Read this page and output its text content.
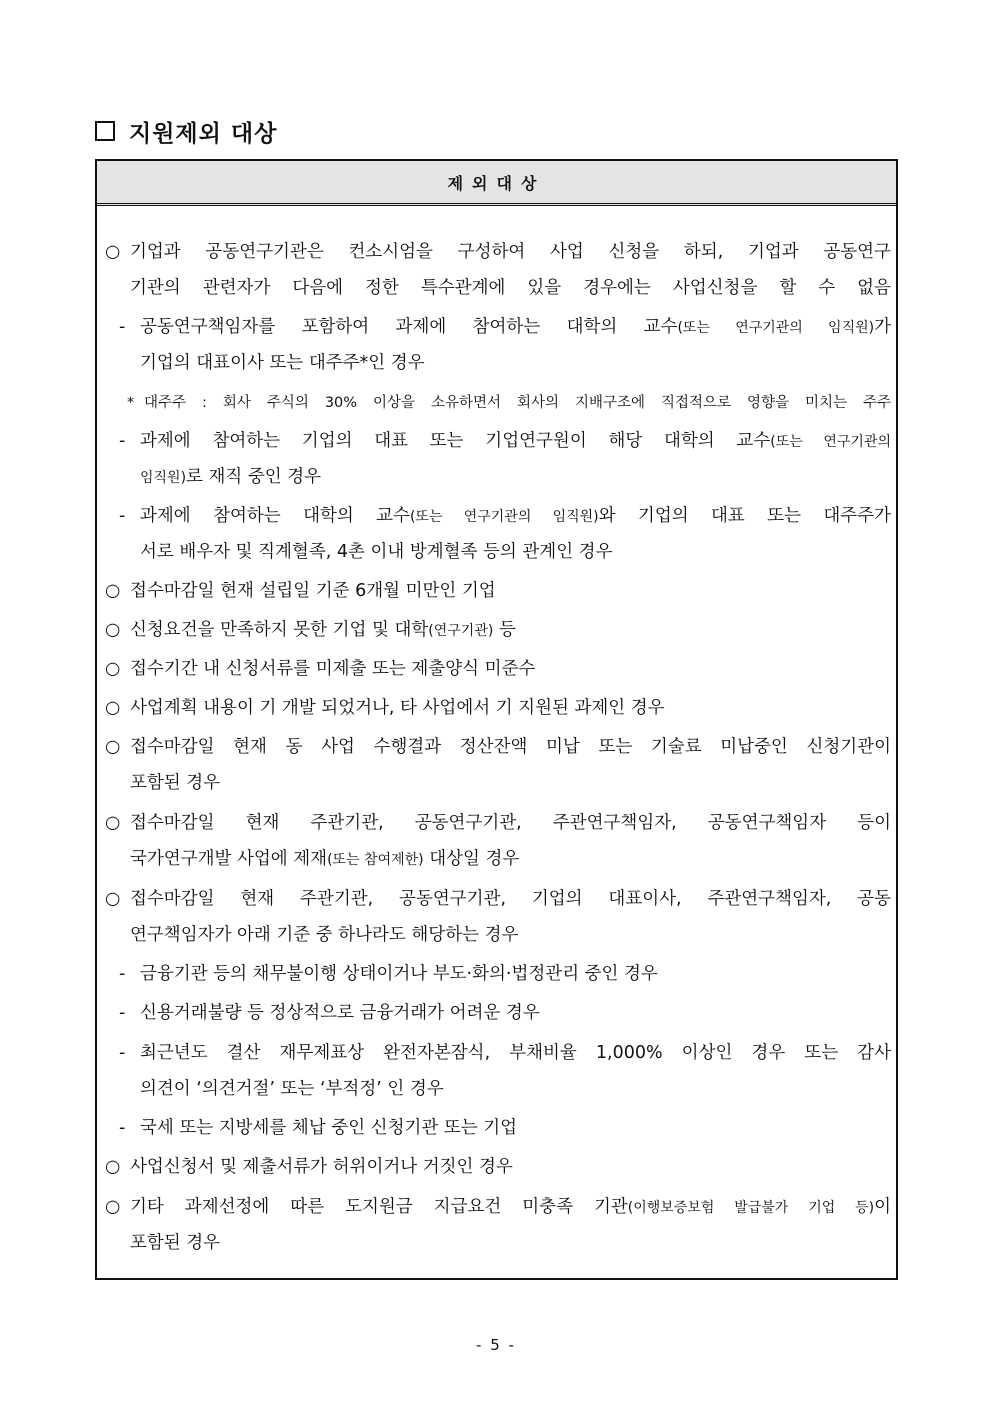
지원제외 대상
제외대상
○ 기업과 공동연구기관은 컨소시엄을 구성하여 사업 신청을 하되, 기업과 공동연구
기관의 관련자가 다음에 정한 특수관계에 있을 경우에는 사업신청을 할 수 없음
- 공동연구책임자를 포함하여 과제에 참여하는 대학의 교수(또는 연구기관의 임직원)가
기업의 대표이사 또는 대주주*인 경우
* 대주주 : 회사 주식의 30% 이상을 소유하면서 회사의 지배구조에 직접적으로 영향을 미치는 주주
- 과제에 참여하는 기업의 대표 또는 기업연구원이 해당 대학의 교수(또는 연구기관의
임직원)로 재직 중인 경우
- 과제에 참여하는 대학의 교수(또는 연구기관의 임직원)와 기업의 대표 또는 대주주가
서로 배우자 및 직계혈족, 4촌 이내 방계혈족 등의 관계인 경우
○ 접수마감일 현재 설립일 기준 6개월 미만인 기업
○ 신청요건을 만족하지 못한 기업 및 대학(연구기관) 등
○ 접수기간 내 신청서류를 미제출 또는 제출양식 미준수
○ 사업계획 내용이 기 개발 되었거나, 타 사업에서 기 지원된 과제인 경우
○ 접수마감일 현재 동 사업 수행결과 정산잔액 미납 또는 기술료 미납중인 신청기관이
포함된 경우
○ 접수마감일 현재 주관기관, 공동연구기관, 주관연구책임자, 공동연구책임자 등이
국가연구개발 사업에 제재(또는 참여제한) 대상일 경우
○ 접수마감일 현재 주관기관, 공동연구기관, 기업의 대표이사, 주관연구책임자, 공동
연구책임자가 아래 기준 중 하나라도 해당하는 경우
- 금융기관 등의 채무불이행 상태이거나 부도·화의·법정관리 중인 경우
- 신용거래불량 등 정상적으로 금융거래가 어려운 경우
- 최근년도 결산 재무제표상 완전자본잠식, 부채비율 1,000% 이상인 경우 또는 감사
의견이 ‘의견거절’ 또는 ‘부적정’ 인 경우
- 국세 또는 지방세를 체납 중인 신청기관 또는 기업
○ 사업신청서 및 제출서류가 허위이거나 거짓인 경우
○ 기타 과제선정에 따른 도지원금 지급요건 미충족 기관(이행보증보험 발급불가 기업 등)이
포함된 경우
- 5 -
